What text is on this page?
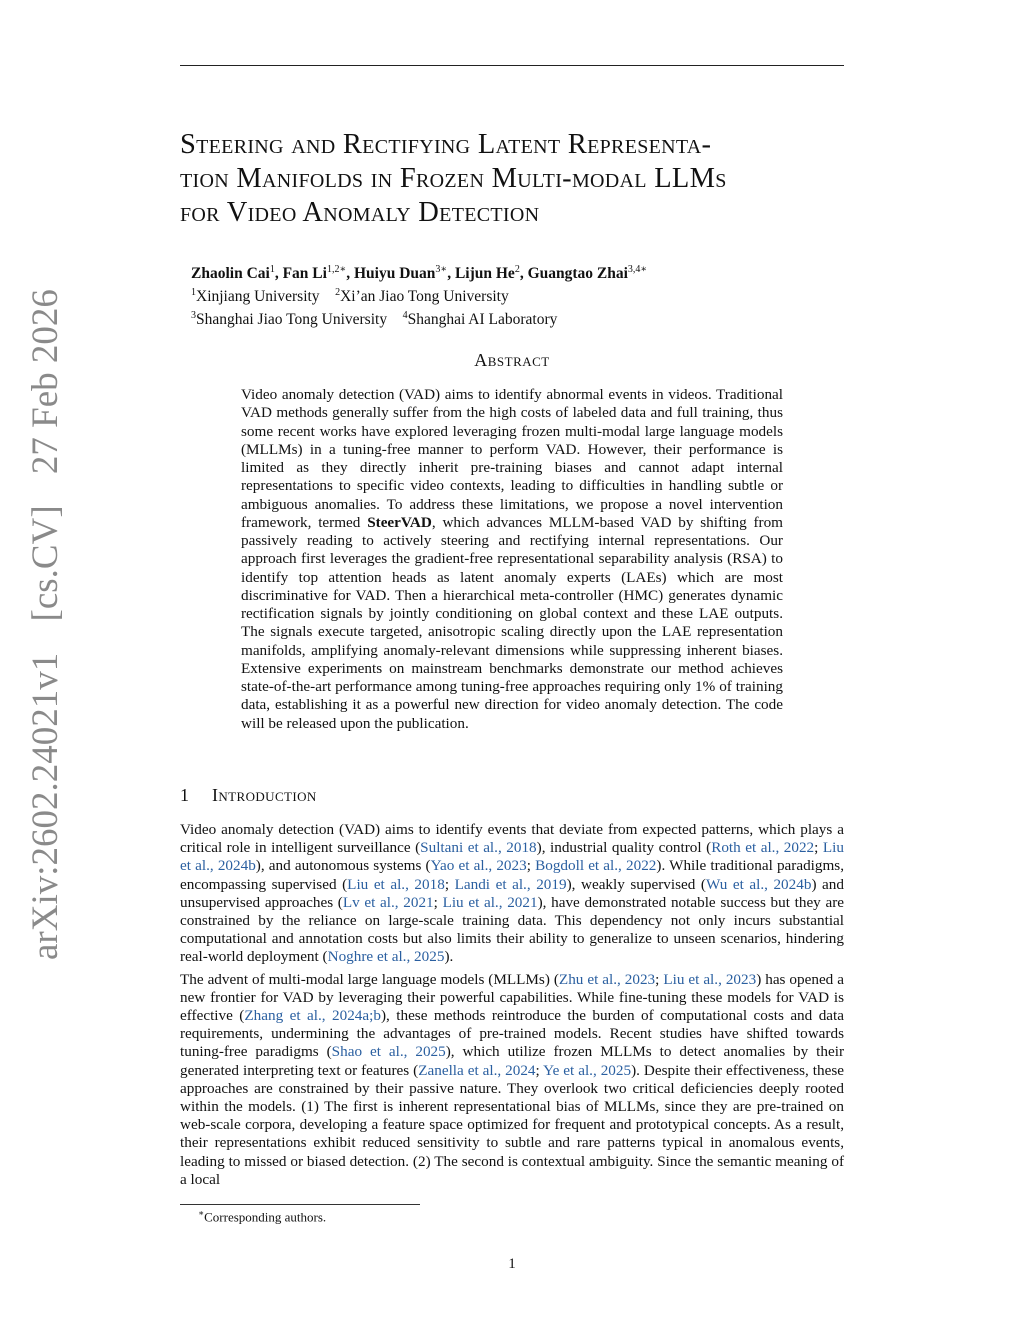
arXiv:2602.24021v1 [cs.CV] 27 Feb 2026
Steering and Rectifying Latent Representa-
tion Manifolds in Frozen Multi-modal LLMs
for Video Anomaly Detection
Zhaolin Cai$^1$, Fan $Li^{1,2∗}$, Huiyu Duan$^{3∗}$, Lijun He$^2$, Guangtao Zhai$^{3,4∗}$
$^1$Xinjiang University $^2$Xi’an Jiao Tong University
$^3$Shanghai Jiao Tong University $^4$Shanghai AI Laboratory
Abstract
Video anomaly detection (VAD) aims to identify abnormal events in videos. Traditional VAD methods generally suffer from the high costs of labeled data and full training, thus some recent works have explored leveraging frozen multi-modal large language models (MLLMs) in a tuning-free manner to perform VAD. However, their performance is limited as they directly inherit pre-training biases and cannot adapt internal representations to specific video contexts, leading to difficulties in handling subtle or ambiguous anomalies. To address these limitations, we propose a novel intervention framework, termed SteerVAD, which advances MLLM-based VAD by shifting from passively reading to actively steering and rectifying internal representations. Our approach first leverages the gradient-free representational separability analysis (RSA) to identify top attention heads as latent anomaly experts (LAEs) which are most discriminative for VAD. Then a hierarchical meta-controller (HMC) generates dynamic rectification signals by jointly conditioning on global context and these LAE outputs. The signals execute targeted, anisotropic scaling directly upon the LAE representation manifolds, amplifying anomaly-relevant dimensions while suppressing inherent biases. Extensive experiments on mainstream benchmarks demonstrate our method achieves state-of-the-art performance among tuning-free approaches requiring only 1% of training data, establishing it as a powerful new direction for video anomaly detection. The code will be released upon the publication.
1 Introduction

Video anomaly detection (VAD) aims to identify events that deviate from expected patterns, which plays a critical role in intelligent surveillance (Sultani et al., 2018), industrial quality control (Roth et al., 2022; Liu et al., 2024b), and autonomous systems (Yao et al., 2023; Bogdoll et al., 2022). While traditional paradigms, encompassing supervised (Liu et al., 2018; Landi et al., 2019), weakly supervised (Wu et al., 2024b) and unsupervised approaches (Lv et al., 2021; Liu et al., 2021), have demonstrated notable success but they are constrained by the reliance on large-scale training data. This dependency not only incurs substantial computational and annotation costs but also limits their ability to generalize to unseen scenarios, hindering real-world deployment (Noghre et al., 2025).

The advent of multi-modal large language models (MLLMs) (Zhu et al., 2023; Liu et al., 2023) has opened a new frontier for VAD by leveraging their powerful capabilities. While fine-tuning these models for VAD is effective (Zhang et al., 2024a;b), these methods reintroduce the burden of computational costs and data requirements, undermining the advantages of pre-trained models. Recent studies have shifted towards tuning-free paradigms (Shao et al., 2025), which utilize frozen MLLMs to detect anomalies by their generated interpreting text or features (Zanella et al., 2024; Ye et al., 2025). Despite their effectiveness, these approaches are constrained by their passive nature. They overlook two critical deficiencies deeply rooted within the models. (1) The first is inherent representational bias of MLLMs, since they are pre-trained on web-scale corpora, developing a feature space optimized for frequent and prototypical concepts. As a result, their representations exhibit reduced sensitivity to subtle and rare patterns typical in anomalous events, leading to missed or biased detection. (2) The second is contextual ambiguity. Since the semantic meaning of a local

∗Corresponding authors.
1
